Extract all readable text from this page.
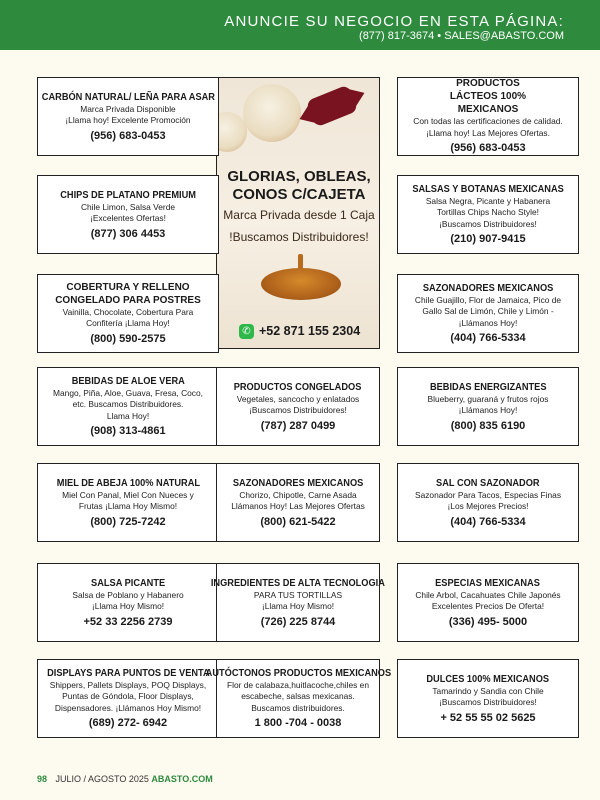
ANUNCIE SU NEGOCIO EN ESTA PÁGINA:
(877) 817-3674 • SALES@ABASTO.COM
GLORIAS, OBLEAS,
CONOS C/CAJETA
Marca Privada desde 1 Caja
!Buscamos Distribuidores!
✆ +52 871 155 2304
CARBÓN NATURAL/ LEÑA PARA ASAR
Marca Privada Disponible
¡Llama hoy! Excelente Promoción
(956) 683-0453
PRODUCTOS LÁCTEOS 100% MEXICANOS
Con todas las certificaciones de calidad.
¡Llama hoy! Las Mejores Ofertas.
(956) 683-0453
CHIPS DE PLATANO PREMIUM
Chile Limon, Salsa Verde
¡Excelentes Ofertas!
(877) 306 4453
SALSAS Y BOTANAS MEXICANAS
Salsa Negra, Picante y Habanera
Tortillas Chips Nacho Style!
¡Buscamos Distribuidores!
(210) 907-9415
COBERTURA Y RELLENO CONGELADO PARA POSTRES
Vainilla, Chocolate, Cobertura Para
Confitería ¡Llama Hoy!
(800) 590-2575
SAZONADORES MEXICANOS
Chile Guajillo, Flor de Jamaica, Pico de
Gallo Sal de Limón, Chile y Limón -
¡Llámanos Hoy!
(404) 766-5334
BEBIDAS DE ALOE VERA
Mango, Piña, Aloe, Guava, Fresa, Coco,
etc. Buscamos Distribuidores.
Llama Hoy!
(908) 313-4861
PRODUCTOS CONGELADOS
Vegetales, sancocho y enlatados
¡Buscamos Distribuidores!
(787) 287 0499
BEBIDAS ENERGIZANTES
Blueberry, guaraná y frutos rojos
¡Llámanos Hoy!
(800) 835 6190
MIEL DE ABEJA 100% NATURAL
Miel Con Panal, Miel Con Nueces y
Frutas ¡Llama Hoy Mismo!
(800) 725-7242
SAZONADORES MEXICANOS
Chorizo, Chipotle, Carne Asada
Llámanos Hoy! Las Mejores Ofertas
(800) 621-5422
SAL CON SAZONADOR
Sazonador Para Tacos, Especias Finas
¡Los Mejores Precios!
(404) 766-5334
SALSA PICANTE
Salsa de Poblano y Habanero
¡Llama Hoy Mismo!
+52 33 2256 2739
INGREDIENTES DE ALTA TECNOLOGIA
PARA TUS TORTILLAS
¡Llama Hoy Mismo!
(726) 225 8744
ESPECIAS MEXICANAS
Chile Arbol, Cacahuates Chile Japonés
Excelentes Precios De Oferta!
(336) 495- 5000
DISPLAYS PARA PUNTOS DE VENTA
Shippers, Pallets Displays, POQ Displays,
Puntas de Góndola, Floor Displays,
Dispensadores. ¡Llámanos Hoy Mismo!
(689) 272- 6942
AUTÓCTONOS PRODUCTOS MEXICANOS
Flor de calabaza,huitlacoche,chiles en
escabeche, salsas mexicanas.
Buscamos distribuidores.
1 800 -704 - 0038
DULCES 100% MEXICANOS
Tamarindo y Sandia con Chile
¡Buscamos Distribuidores!
+ 52 55 55 02 5625
98 JULIO / AGOSTO 2025 ABASTO.COM
